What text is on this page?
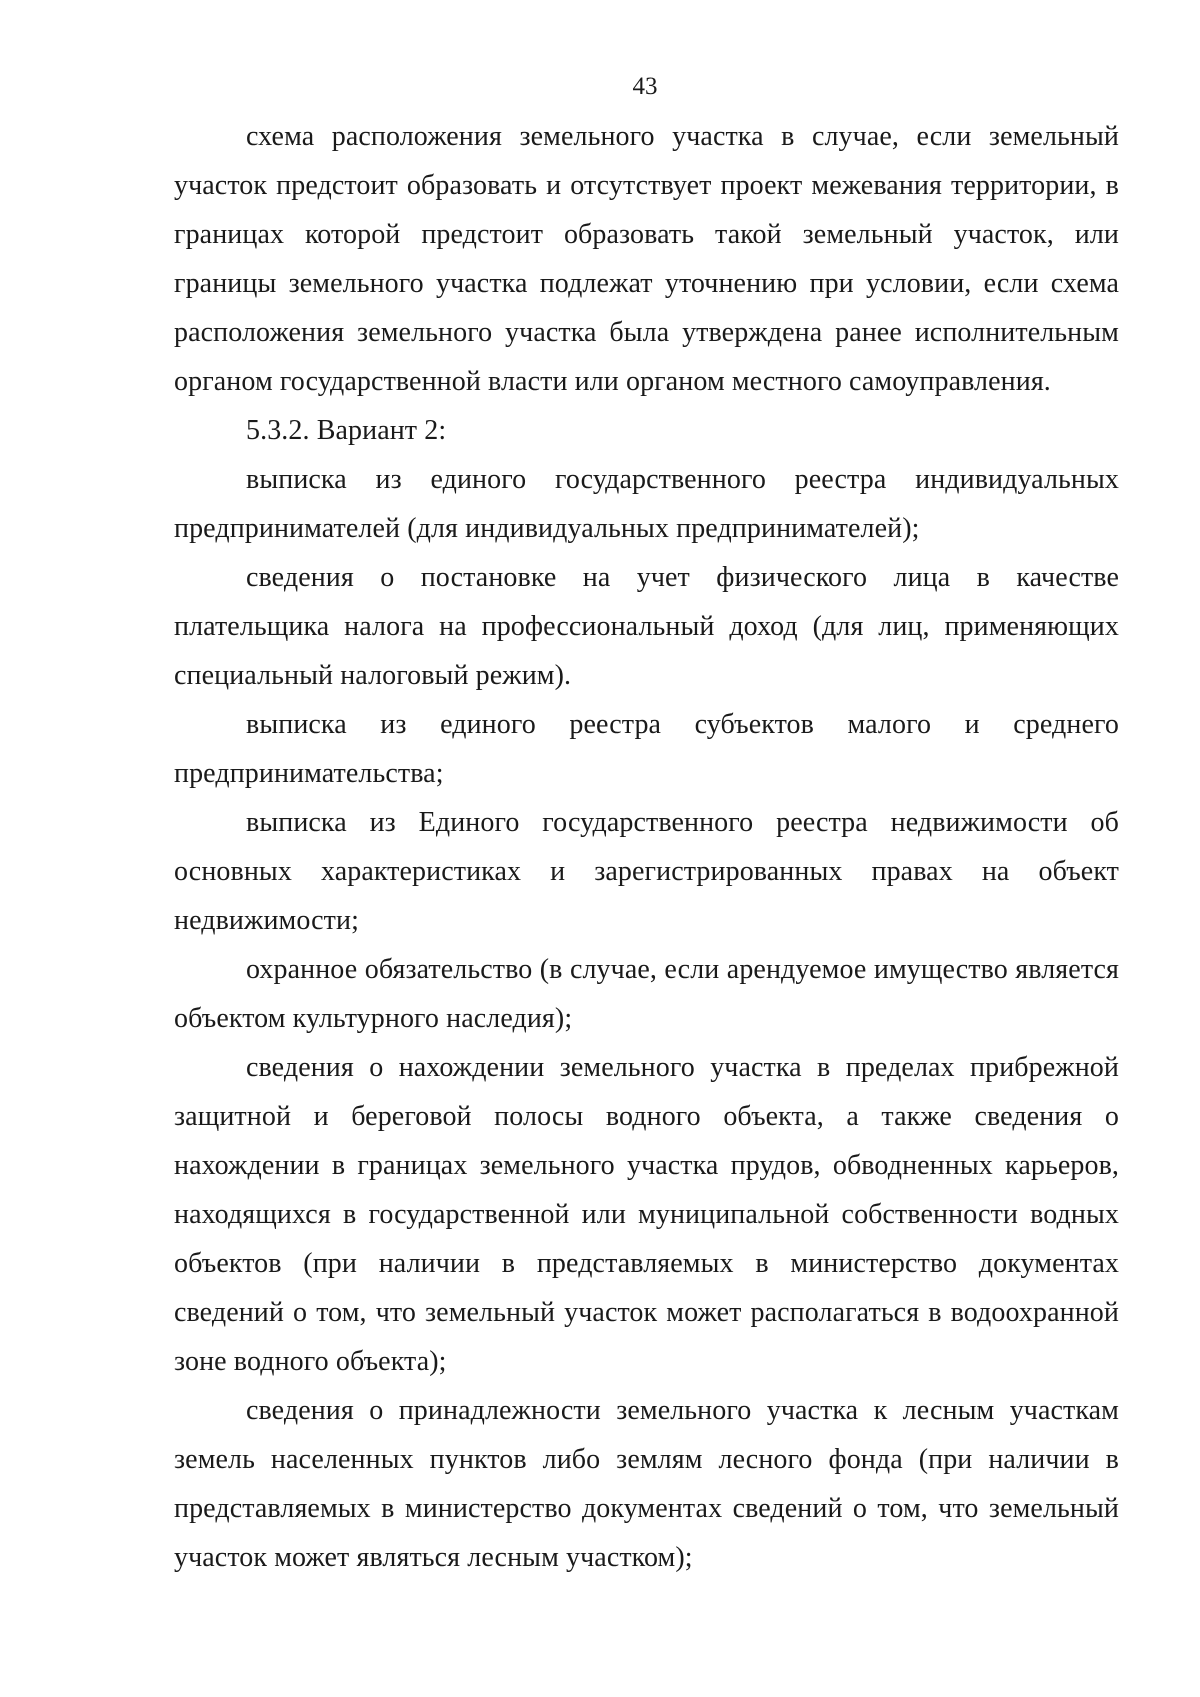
43

схема расположения земельного участка в случае, если земельный участок предстоит образовать и отсутствует проект межевания территории, в границах которой предстоит образовать такой земельный участок, или границы земельного участка подлежат уточнению при условии, если схема расположения земельного участка была утверждена ранее исполнительным органом государственной власти или органом местного самоуправления.

5.3.2. Вариант 2:

выписка из единого государственного реестра индивидуальных предпринимателей (для индивидуальных предпринимателей);

сведения о постановке на учет физического лица в качестве плательщика налога на профессиональный доход (для лиц, применяющих специальный налоговый режим).

выписка из единого реестра субъектов малого и среднего предпринимательства;

выписка из Единого государственного реестра недвижимости об основных характеристиках и зарегистрированных правах на объект недвижимости;

охранное обязательство (в случае, если арендуемое имущество является объектом культурного наследия);

сведения о нахождении земельного участка в пределах прибрежной защитной и береговой полосы водного объекта, а также сведения о нахождении в границах земельного участка прудов, обводненных карьеров, находящихся в государственной или муниципальной собственности водных объектов (при наличии в представляемых в министерство документах сведений о том, что земельный участок может располагаться в водоохранной зоне водного объекта);

сведения о принадлежности земельного участка к лесным участкам земель населенных пунктов либо землям лесного фонда (при наличии в представляемых в министерство документах сведений о том, что земельный участок может являться лесным участком);
